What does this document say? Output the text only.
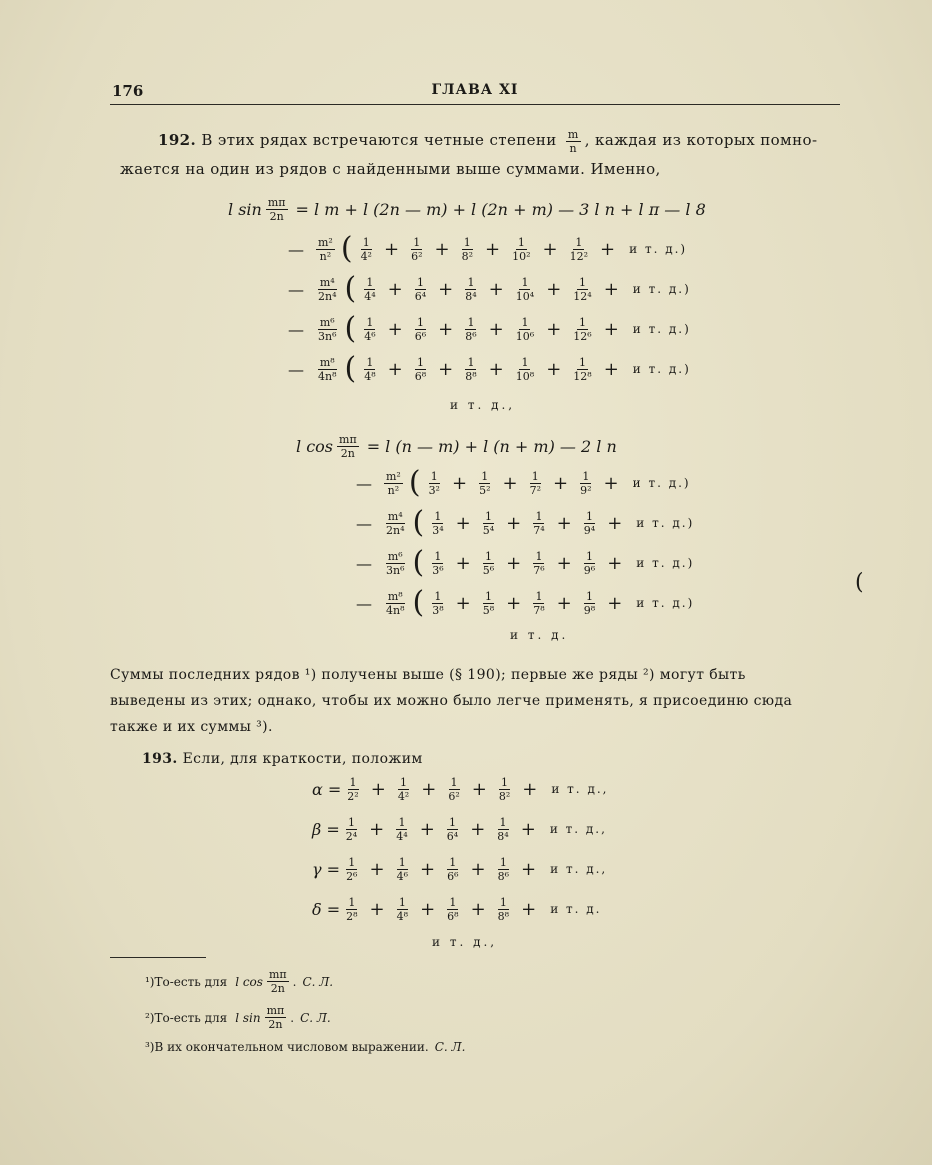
176	ГЛАВА XI
192. В этих рядах встречаются четные степени $\frac{m}{n}$ , каждая из которых помно-
жается на один из рядов с найденными выше суммами. Именно,
l $\sin \frac{m\pi}{2n} = l$ m + l (2n — m) + l (2n + m) — 3 l n + l π — l 8
— $\frac{\text{m²}}{\text{n²}}$ ( $\frac{1}{\text{4²}} + \frac{1}{\text{6²}} + \frac{1}{\text{8²}} + \frac{1}{\text{10²}} + \frac{1}{\text{12²}} + и$ т. д.)
— $\frac{\text{m⁴}}{\text{2n⁴}}$ ( $\frac{1}{\text{4⁴}} + \frac{1}{\text{6⁴}} + \frac{1}{\text{8⁴}} + \frac{1}{\text{10⁴}} + \frac{1}{\text{12⁴}} + и$ т. д.)
— $\frac{\text{m⁶}}{\text{3n⁶}}$ ( $\frac{1}{\text{4⁶}} + \frac{1}{\text{6⁶}} + \frac{1}{\text{8⁶}} + \frac{1}{\text{10⁶}} + \frac{1}{\text{12⁶}} + и$ т. д.)
— $\frac{\text{m⁸}}{\text{4n⁸}}$ ( $\frac{1}{\text{4⁸}} + \frac{1}{\text{6⁸}} + \frac{1}{\text{8⁸}} + \frac{1}{\text{10⁸}} + \frac{1}{\text{12⁸}} + и$ т. д.)
и т. д.,
l $\cos \frac{m\pi}{2n} = l$ (n — m) + l (n + m) — 2 l n
— $\frac{\text{m²}}{\text{n²}}$ ( $\frac{1}{\text{3²}} + \frac{1}{\text{5²}} + \frac{1}{\text{7²}} + \frac{1}{\text{9²}} + и$ т. д.)
— $\frac{\text{m⁴}}{\text{2n⁴}}$ ( $\frac{1}{\text{3⁴}} + \frac{1}{\text{5⁴}} + \frac{1}{\text{7⁴}} + \frac{1}{\text{9⁴}} + и$ т. д.)
— $\frac{\text{m⁶}}{\text{3n⁶}}$ ( $\frac{1}{\text{3⁶}} + \frac{1}{\text{5⁶}} + \frac{1}{\text{7⁶}} + \frac{1}{\text{9⁶}} + и$ т. д.)
— $\frac{\text{m⁸}}{\text{4n⁸}}$ ( $\frac{1}{\text{3⁸}} + \frac{1}{\text{5⁸}} + \frac{1}{\text{7⁸}} + \frac{1}{\text{9⁸}} + и$ т. д.)
и т. д.
Суммы последних рядов ¹) получены выше (§ 190); первые же ряды ²) могут быть
выведены из этих; однако, чтобы их можно было легче применять, я присоединю сюда
также и их суммы ³).
193. Если, для краткости, положим
$\alpha = \frac{1}{\text{2²}} + \frac{1}{\text{4²}} + \frac{1}{\text{6²}} + \frac{1}{\text{8²}} + и$ т. д.,
$\beta = \frac{1}{\text{2⁴}} + \frac{1}{\text{4⁴}} + \frac{1}{\text{6⁴}} + \frac{1}{\text{8⁴}} + и$ т. д.,
$\gamma = \frac{1}{\text{2⁶}} + \frac{1}{\text{4⁶}} + \frac{1}{\text{6⁶}} + \frac{1}{\text{8⁶}} + и$ т. д.,
$\delta = \frac{1}{\text{2⁸}} + \frac{1}{\text{4⁸}} + \frac{1}{\text{6⁸}} + \frac{1}{\text{8⁸}} + и$ т. д.
и т. д.,
¹) То-есть для l $\cos \frac{m\pi}{2n}$ . С. Л.
²) То-есть для l $\sin \frac{m\pi}{2n}$ . С. Л.
³) В их окончательном числовом выражении. С. Л.
(
